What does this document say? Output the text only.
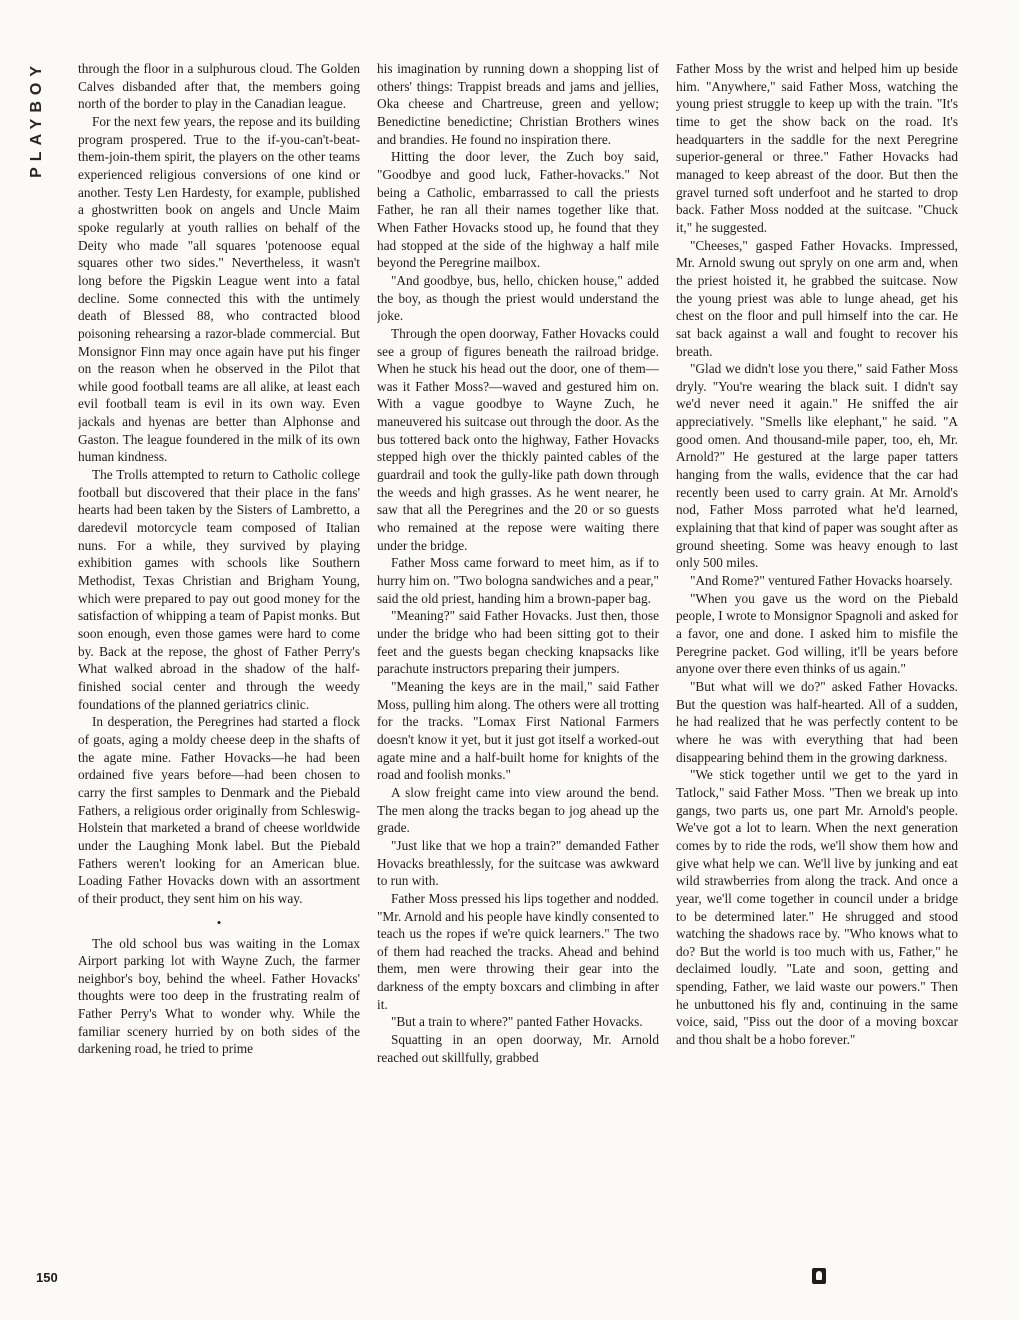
PLAYBOY through the floor in a sulphurous cloud. The Golden Calves disbanded after that, the members going north of the border to play in the Canadian league.

For the next few years, the repose and its building program prospered. True to the if-you-can't-beat-them-join-them spirit, the players on the other teams experienced religious conversions of one kind or another. Testy Len Hardesty, for example, published a ghostwritten book on angels and Uncle Maim spoke regularly at youth rallies on behalf of the Deity who made "all squares 'potenoose equal squares other two sides." Nevertheless, it wasn't long before the Pigskin League went into a fatal decline. Some connected this with the untimely death of Blessed 88, who contracted blood poisoning rehearsing a razor-blade commercial. But Monsignor Finn may once again have put his finger on the reason when he observed in the Pilot that while good football teams are all alike, at least each evil football team is evil in its own way. Even jackals and hyenas are better than Alphonse and Gaston. The league foundered in the milk of its own human kindness.

The Trolls attempted to return to Catholic college football but discovered that their place in the fans' hearts had been taken by the Sisters of Lambretto, a daredevil motorcycle team composed of Italian nuns. For a while, they survived by playing exhibition games with schools like Southern Methodist, Texas Christian and Brigham Young, which were prepared to pay out good money for the satisfaction of whipping a team of Papist monks. But soon enough, even those games were hard to come by. Back at the repose, the ghost of Father Perry's What walked abroad in the shadow of the half-finished social center and through the weedy foundations of the planned geriatrics clinic.

In desperation, the Peregrines had started a flock of goats, aging a moldy cheese deep in the shafts of the agate mine. Father Hovacks—he had been ordained five years before—had been chosen to carry the first samples to Denmark and the Piebald Fathers, a religious order originally from Schleswig-Holstein that marketed a brand of cheese worldwide under the Laughing Monk label. But the Piebald Fathers weren't looking for an American blue. Loading Father Hovacks down with an assortment of their product, they sent him on his way.

•

The old school bus was waiting in the Lomax Airport parking lot with Wayne Zuch, the farmer neighbor's boy, behind the wheel. Father Hovacks' thoughts were too deep in the frustrating realm of Father Perry's What to wonder why. While the familiar scenery hurried by on both sides of the darkening road, he tried to prime

his imagination by running down a shopping list of others' things: Trappist breads and jams and jellies, Oka cheese and Chartreuse, green and yellow; Benedictine benedictine; Christian Brothers wines and brandies. He found no inspiration there.

Hitting the door lever, the Zuch boy said, "Goodbye and good luck, Father-hovacks." Not being a Catholic, embarrassed to call the priests Father, he ran all their names together like that. When Father Hovacks stood up, he found that they had stopped at the side of the highway a half mile beyond the Peregrine mailbox.

"And goodbye, bus, hello, chicken house," added the boy, as though the priest would understand the joke.

Through the open doorway, Father Hovacks could see a group of figures beneath the railroad bridge. When he stuck his head out the door, one of them—was it Father Moss?—waved and gestured him on. With a vague goodbye to Wayne Zuch, he maneuvered his suitcase out through the door. As the bus tottered back onto the highway, Father Hovacks stepped high over the thickly painted cables of the guardrail and took the gully-like path down through the weeds and high grasses. As he went nearer, he saw that all the Peregrines and the 20 or so guests who remained at the repose were waiting there under the bridge.

Father Moss came forward to meet him, as if to hurry him on. "Two bologna sandwiches and a pear," said the old priest, handing him a brown-paper bag.

"Meaning?" said Father Hovacks. Just then, those under the bridge who had been sitting got to their feet and the guests began checking knapsacks like parachute instructors preparing their jumpers.

"Meaning the keys are in the mail," said Father Moss, pulling him along. The others were all trotting for the tracks. "Lomax First National Farmers doesn't know it yet, but it just got itself a worked-out agate mine and a half-built home for knights of the road and foolish monks."

A slow freight came into view around the bend. The men along the tracks began to jog ahead up the grade.

"Just like that we hop a train?" demanded Father Hovacks breathlessly, for the suitcase was awkward to run with.

Father Moss pressed his lips together and nodded. "Mr. Arnold and his people have kindly consented to teach us the ropes if we're quick learners." The two of them had reached the tracks. Ahead and behind them, men were throwing their gear into the darkness of the empty boxcars and climbing in after it.

"But a train to where?" panted Father Hovacks.

Squatting in an open doorway, Mr. Arnold reached out skillfully, grabbed

Father Moss by the wrist and helped him up beside him. "Anywhere," said Father Moss, watching the young priest struggle to keep up with the train. "It's time to get the show back on the road. It's headquarters in the saddle for the next Peregrine superior-general or three." Father Hovacks had managed to keep abreast of the door. But then the gravel turned soft underfoot and he started to drop back. Father Moss nodded at the suitcase. "Chuck it," he suggested.

"Cheeses," gasped Father Hovacks. Impressed, Mr. Arnold swung out spryly on one arm and, when the priest hoisted it, he grabbed the suitcase. Now the young priest was able to lunge ahead, get his chest on the floor and pull himself into the car. He sat back against a wall and fought to recover his breath.

"Glad we didn't lose you there," said Father Moss dryly. "You're wearing the black suit. I didn't say we'd never need it again." He sniffed the air appreciatively. "Smells like elephant," he said. "A good omen. And thousand-mile paper, too, eh, Mr. Arnold?" He gestured at the large paper tatters hanging from the walls, evidence that the car had recently been used to carry grain. At Mr. Arnold's nod, Father Moss parroted what he'd learned, explaining that that kind of paper was sought after as ground sheeting. Some was heavy enough to last only 500 miles.

"And Rome?" ventured Father Hovacks hoarsely.

"When you gave us the word on the Piebald people, I wrote to Monsignor Spagnoli and asked for a favor, one and done. I asked him to misfile the Peregrine packet. God willing, it'll be years before anyone over there even thinks of us again."

"But what will we do?" asked Father Hovacks. But the question was half-hearted. All of a sudden, he had realized that he was perfectly content to be where he was with everything that had been disappearing behind them in the growing darkness.

"We stick together until we get to the yard in Tatlock," said Father Moss. "Then we break up into gangs, two parts us, one part Mr. Arnold's people. We've got a lot to learn. When the next generation comes by to ride the rods, we'll show them how and give what help we can. We'll live by junking and eat wild strawberries from along the track. And once a year, we'll come together in council under a bridge to be determined later." He shrugged and stood watching the shadows race by. "Who knows what to do? But the world is too much with us, Father," he declaimed loudly. "Late and soon, getting and spending, Father, we laid waste our powers." Then he unbuttoned his fly and, continuing in the same voice, said, "Piss out the door of a moving boxcar and thou shalt be a hobo forever."

150
